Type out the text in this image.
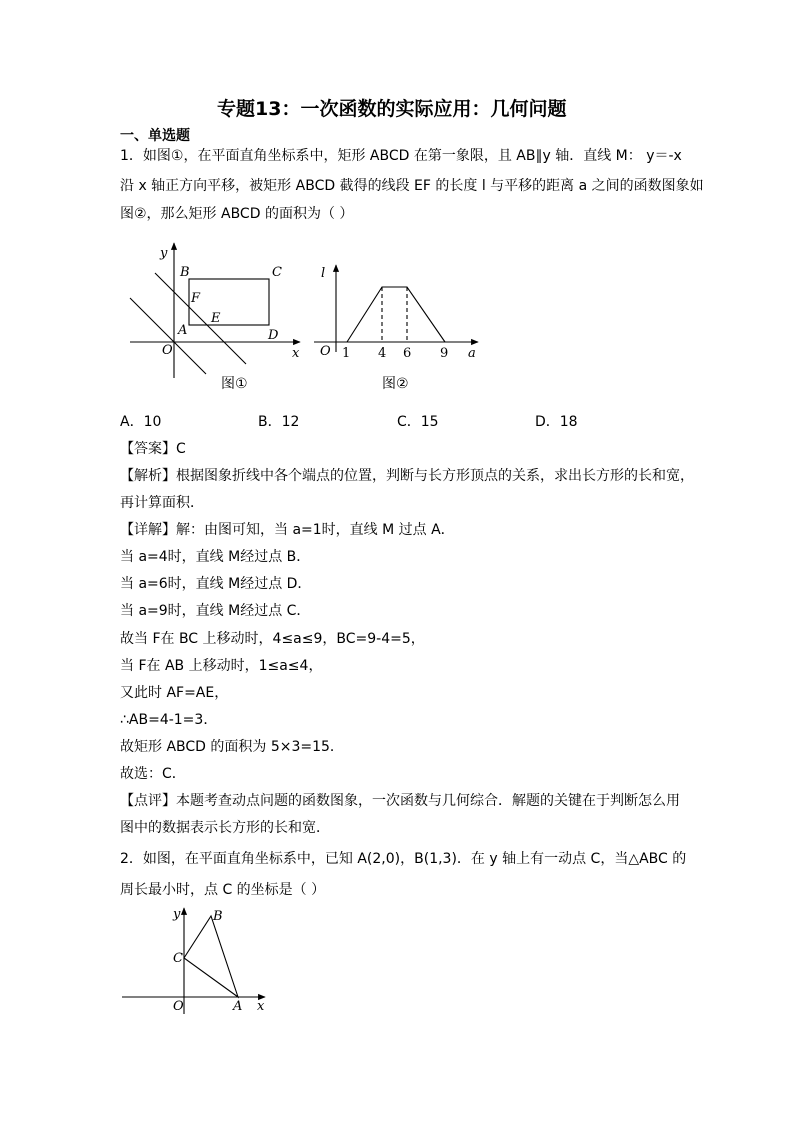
专题13：一次函数的实际应用：几何问题
一、单选题
1．如图①，在平面直角坐标系中，矩形 ABCD 在第一象限，且 AB∥y 轴．直线 M： y＝-x
沿 x 轴正方向平移，被矩形 ABCD 截得的线段 EF 的长度 l 与平移的距离 a 之间的函数图象如
图②，那么矩形 ABCD 的面积为（ ）
y
x
O
B	C
A	D
F
E
图①
l
a
O 1 4 6 9
图②
y
x
O	A
B
C
A．10	B．12	C．15	D．18
【答案】C
【解析】根据图象折线中各个端点的位置，判断与长方形顶点的关系，求出长方形的长和宽，
再计算面积．
【详解】解：由图可知，当 a=1时，直线 M 过点 A．
当 a=4时，直线 M经过点 B．
当 a=6时，直线 M经过点 D．
当 a=9时，直线 M经过点 C．
故当 F在 BC 上移动时，4≤a≤9，BC=9-4=5，
当 F在 AB 上移动时，1≤a≤4，
又此时 AF=AE，
∴AB=4-1=3．
故矩形 ABCD 的面积为 5×3=15．
故选：C．
【点评】本题考查动点问题的函数图象，一次函数与几何综合．解题的关键在于判断怎么用
图中的数据表示长方形的长和宽．
2．如图，在平面直角坐标系中，已知 A(2,0)，B(1,3)．在 y 轴上有一动点 C，当△ABC 的
周长最小时，点 C 的坐标是（ ）
